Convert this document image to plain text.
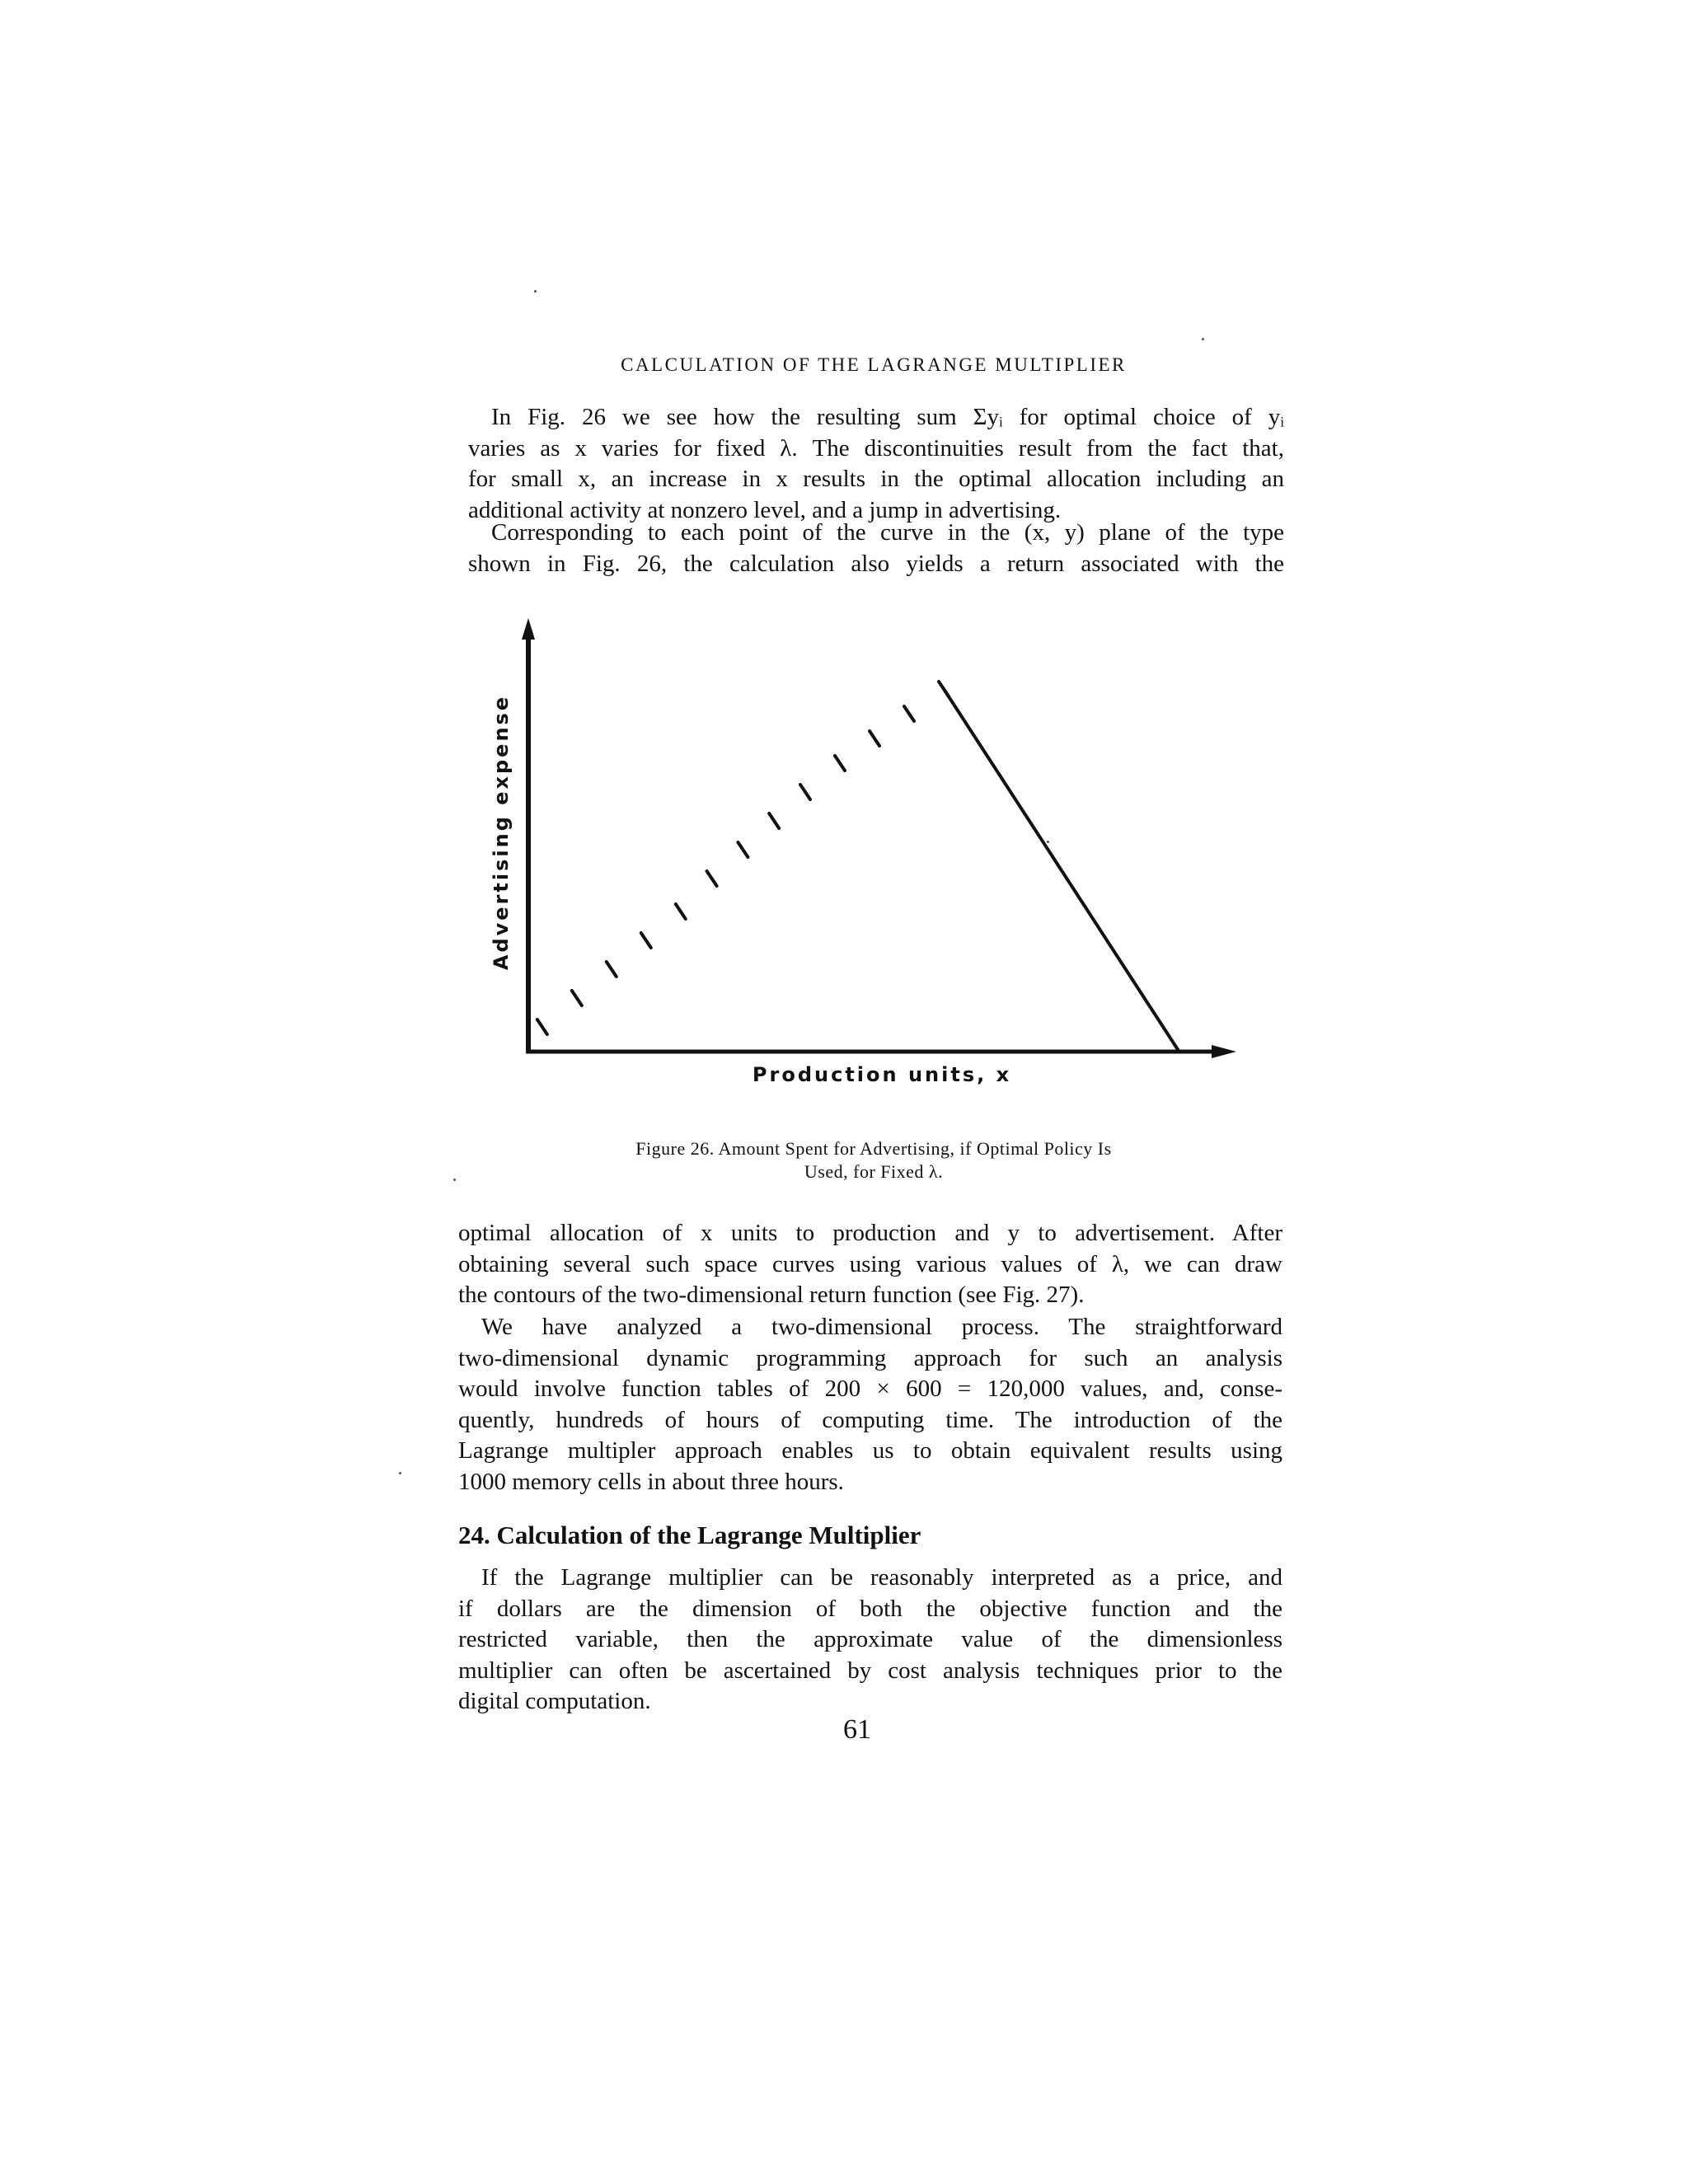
CALCULATION OF THE LAGRANGE MULTIPLIER

In Fig. 26 we see how the resulting sum Σyᵢ for optimal choice of yᵢ
varies as x varies for fixed λ. The discontinuities result from the fact that,
for small x, an increase in x results in the optimal allocation including an
additional activity at nonzero level, and a jump in advertising.

Corresponding to each point of the curve in the (x, y) plane of the type
shown in Fig. 26, the calculation also yields a return associated with the

Advertising expense
Production units, x
Figure 26. Amount Spent for Advertising, if Optimal Policy Is
Used, for Fixed λ.

optimal allocation of x units to production and y to advertisement. After
obtaining several such space curves using various values of λ, we can draw
the contours of the two-dimensional return function (see Fig. 27).

We have analyzed a two-dimensional process. The straightforward
two-dimensional dynamic programming approach for such an analysis
would involve function tables of 200 × 600 = 120,000 values, and, conse-
quently, hundreds of hours of computing time. The introduction of the
Lagrange multipler approach enables us to obtain equivalent results using
1000 memory cells in about three hours.

24. Calculation of the Lagrange Multiplier

If the Lagrange multiplier can be reasonably interpreted as a price, and
if dollars are the dimension of both the objective function and the
restricted variable, then the approximate value of the dimensionless
multiplier can often be ascertained by cost analysis techniques prior to the
digital computation.

61
